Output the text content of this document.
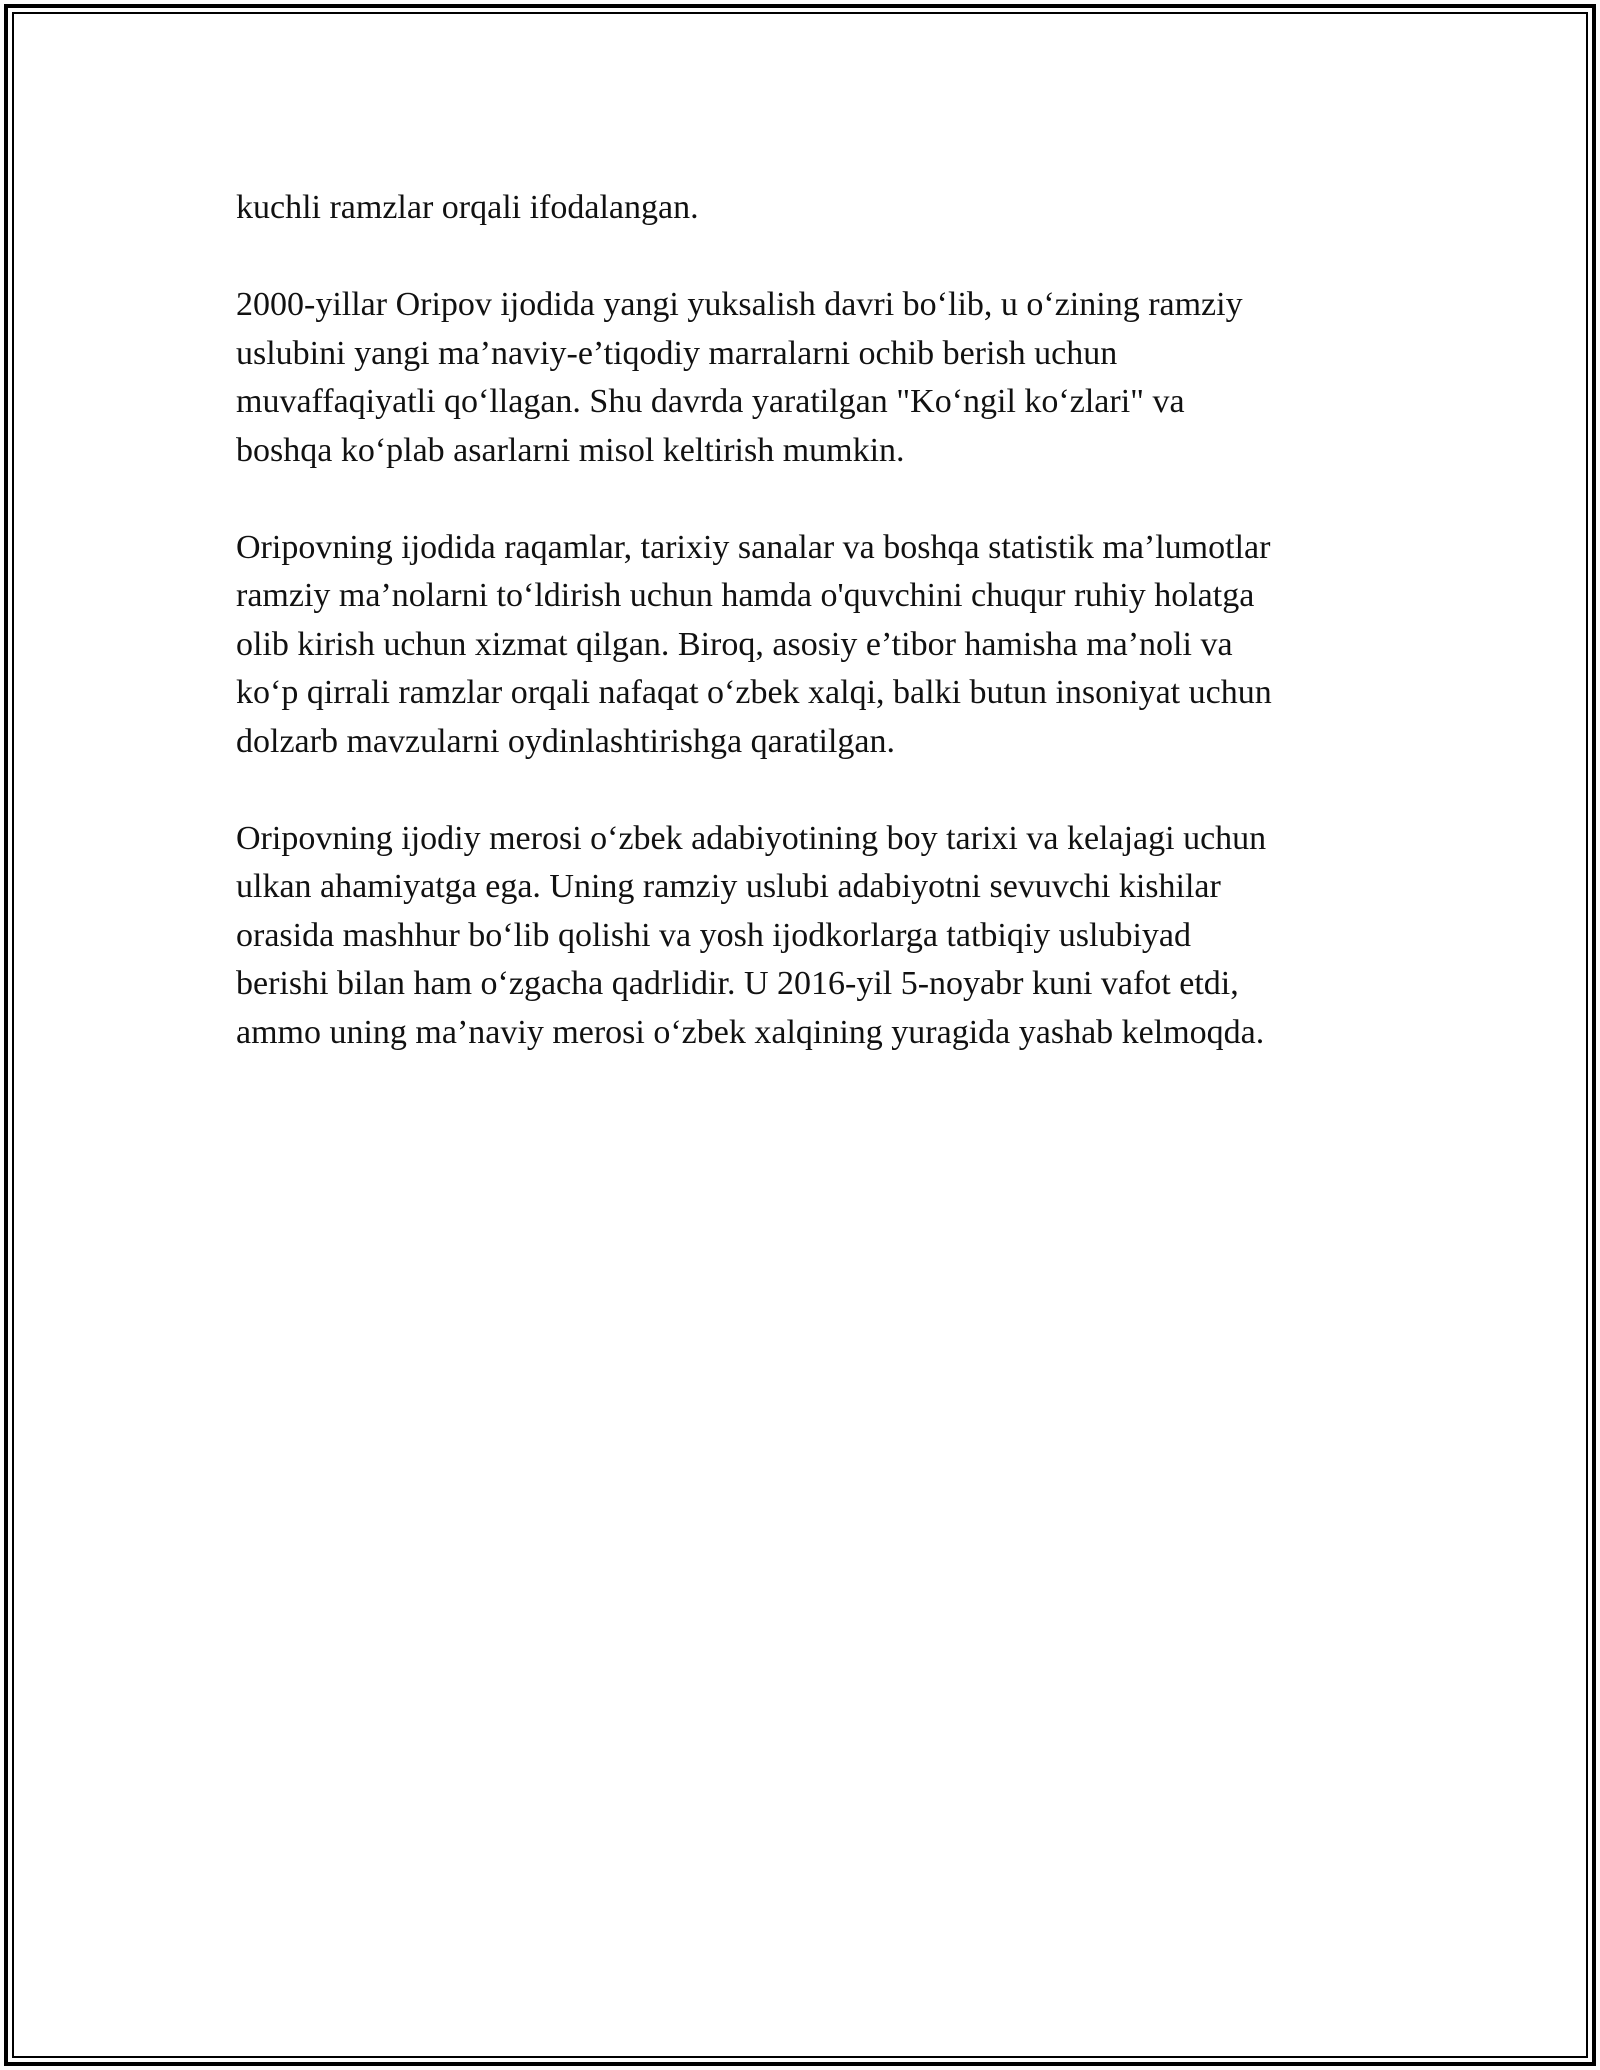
kuchli ramzlar orqali ifodalangan.

2000-yillar Oripov ijodida yangi yuksalish davri bo‘lib, u o‘zining ramziy
uslubini yangi ma’naviy-e’tiqodiy marralarni ochib berish uchun
muvaffaqiyatli qo‘llagan. Shu davrda yaratilgan "Ko‘ngil ko‘zlari" va
boshqa ko‘plab asarlarni misol keltirish mumkin.

Oripovning ijodida raqamlar, tarixiy sanalar va boshqa statistik ma’lumotlar
ramziy ma’nolarni to‘ldirish uchun hamda o'quvchini chuqur ruhiy holatga
olib kirish uchun xizmat qilgan. Biroq, asosiy e’tibor hamisha ma’noli va
ko‘p qirrali ramzlar orqali nafaqat o‘zbek xalqi, balki butun insoniyat uchun
dolzarb mavzularni oydinlashtirishga qaratilgan.

Oripovning ijodiy merosi o‘zbek adabiyotining boy tarixi va kelajagi uchun
ulkan ahamiyatga ega. Uning ramziy uslubi adabiyotni sevuvchi kishilar
orasida mashhur bo‘lib qolishi va yosh ijodkorlarga tatbiqiy uslubiyad
berishi bilan ham o‘zgacha qadrlidir. U 2016-yil 5-noyabr kuni vafot etdi,
ammo uning ma’naviy merosi o‘zbek xalqining yuragida yashab kelmoqda.
